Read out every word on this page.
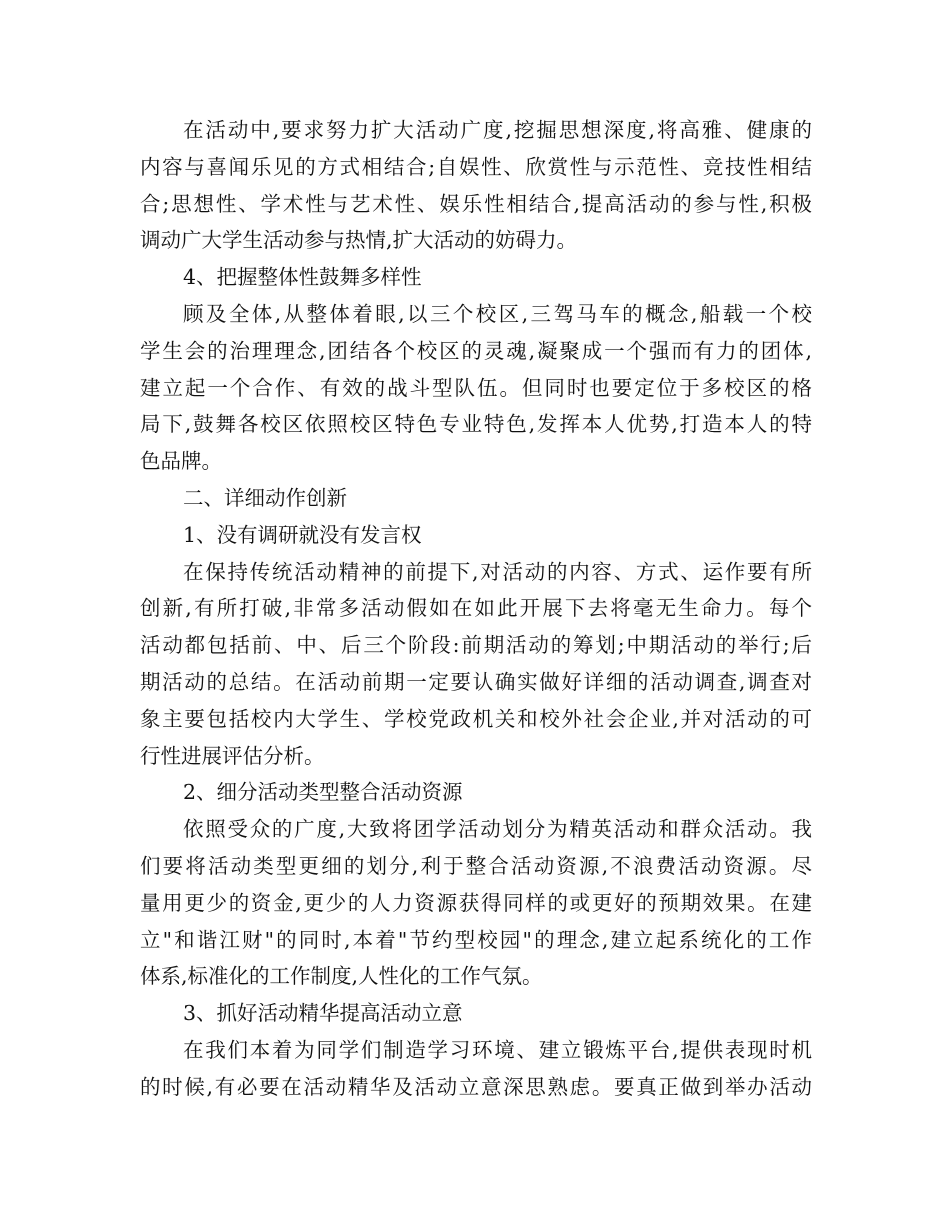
在活动中,要求努力扩大活动广度,挖掘思想深度,将高雅、健康的
内容与喜闻乐见的方式相结合;自娱性、欣赏性与示范性、竞技性相结
合;思想性、学术性与艺术性、娱乐性相结合,提高活动的参与性,积极
调动广大学生活动参与热情,扩大活动的妨碍力。
4、把握整体性鼓舞多样性
顾及全体,从整体着眼,以三个校区,三驾马车的概念,船载一个校
学生会的治理理念,团结各个校区的灵魂,凝聚成一个强而有力的团体,
建立起一个合作、有效的战斗型队伍。但同时也要定位于多校区的格
局下,鼓舞各校区依照校区特色专业特色,发挥本人优势,打造本人的特
色品牌。
二、详细动作创新
1、没有调研就没有发言权
在保持传统活动精神的前提下,对活动的内容、方式、运作要有所
创新,有所打破,非常多活动假如在如此开展下去将毫无生命力。每个
活动都包括前、中、后三个阶段:前期活动的筹划;中期活动的举行;后
期活动的总结。在活动前期一定要认确实做好详细的活动调查,调查对
象主要包括校内大学生、学校党政机关和校外社会企业,并对活动的可
行性进展评估分析。
2、细分活动类型整合活动资源
依照受众的广度,大致将团学活动划分为精英活动和群众活动。我
们要将活动类型更细的划分,利于整合活动资源,不浪费活动资源。尽
量用更少的资金,更少的人力资源获得同样的或更好的预期效果。在建
立"和谐江财"的同时,本着"节约型校园"的理念,建立起系统化的工作
体系,标准化的工作制度,人性化的工作气氛。
3、抓好活动精华提高活动立意
在我们本着为同学们制造学习环境、建立锻炼平台,提供表现时机
的时候,有必要在活动精华及活动立意深思熟虑。要真正做到举办活动
